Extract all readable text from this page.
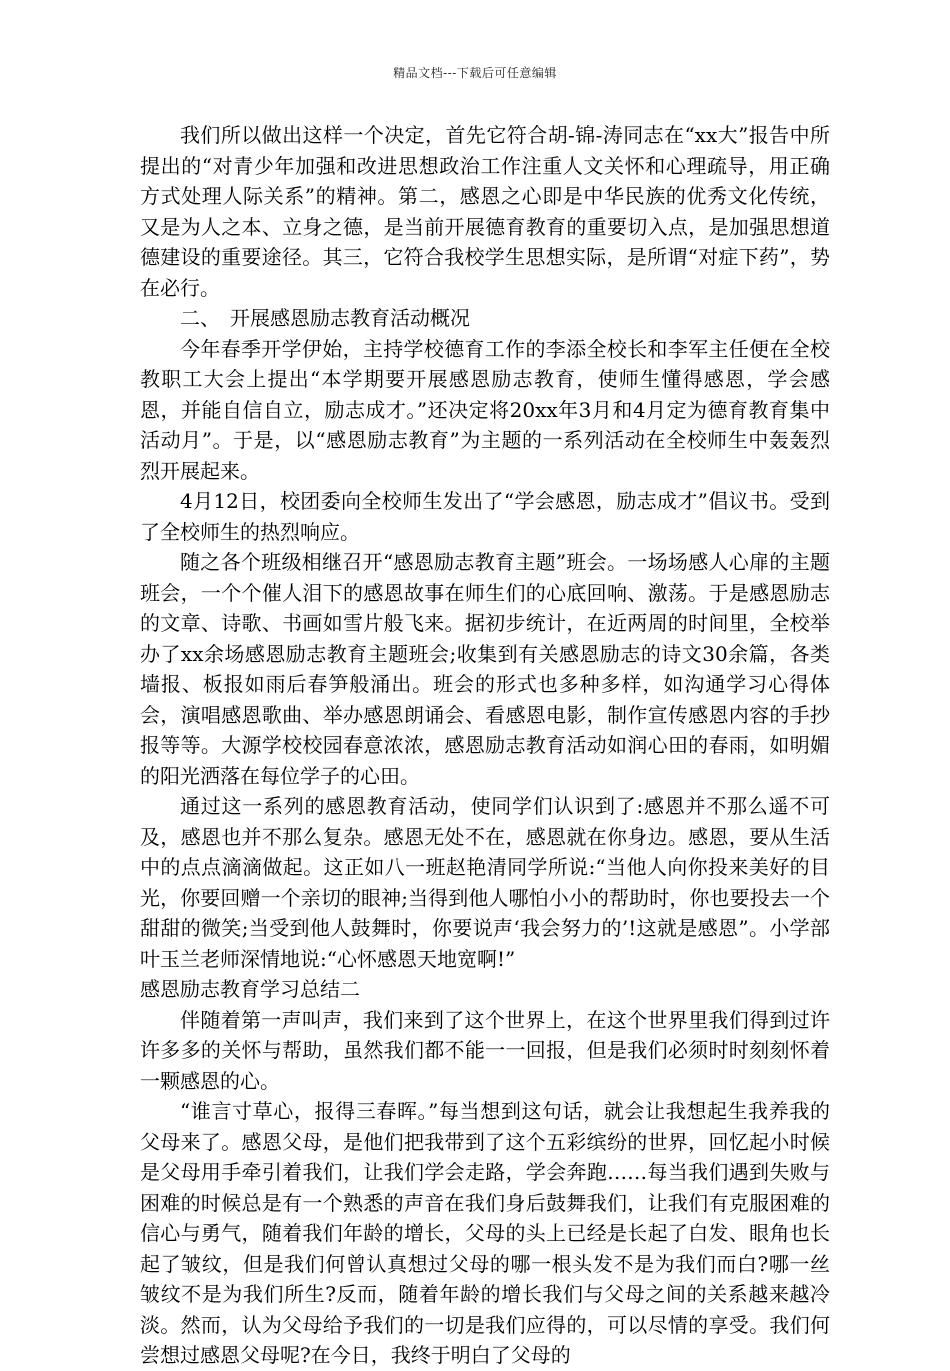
精品文档---下载后可任意编辑

我们所以做出这样一个决定，首先它符合胡-锦-涛同志在“xx大”报告中所提出的“对青少年加强和改进思想政治工作注重人文关怀和心理疏导，用正确方式处理人际关系”的精神。第二，感恩之心即是中华民族的优秀文化传统，又是为人之本、立身之德，是当前开展德育教育的重要切入点，是加强思想道德建设的重要途径。其三，它符合我校学生思想实际，是所谓“对症下药”，势在必行。

二、　开展感恩励志教育活动概况

今年春季开学伊始，主持学校德育工作的李添全校长和李军主任便在全校教职工大会上提出“本学期要开展感恩励志教育，使师生懂得感恩，学会感恩，并能自信自立，励志成才。”还决定将20xx年3月和4月定为德育教育集中活动月”。于是，以“感恩励志教育”为主题的一系列活动在全校师生中轰轰烈烈开展起来。

4月12日，校团委向全校师生发出了“学会感恩，励志成才”倡议书。受到了全校师生的热烈响应。

随之各个班级相继召开“感恩励志教育主题”班会。一场场感人心扉的主题班会，一个个催人泪下的感恩故事在师生们的心底回响、激荡。于是感恩励志的文章、诗歌、书画如雪片般飞来。据初步统计，在近两周的时间里，全校举办了xx余场感恩励志教育主题班会;收集到有关感恩励志的诗文30余篇，各类墙报、板报如雨后春笋般涌出。班会的形式也多种多样，如沟通学习心得体会，演唱感恩歌曲、举办感恩朗诵会、看感恩电影，制作宣传感恩内容的手抄报等等。大源学校校园春意浓浓，感恩励志教育活动如润心田的春雨，如明媚的阳光洒落在每位学子的心田。

通过这一系列的感恩教育活动，使同学们认识到了:感恩并不那么遥不可及，感恩也并不那么复杂。感恩无处不在，感恩就在你身边。感恩，要从生活中的点点滴滴做起。这正如八一班赵艳清同学所说:“当他人向你投来美好的目光，你要回赠一个亲切的眼神;当得到他人哪怕小小的帮助时，你也要投去一个甜甜的微笑;当受到他人鼓舞时，你要说声‘我会努力的’!这就是感恩”。小学部叶玉兰老师深情地说:“心怀感恩天地宽啊!”

感恩励志教育学习总结二

伴随着第一声叫声，我们来到了这个世界上，在这个世界里我们得到过许许多多的关怀与帮助，虽然我们都不能一一回报，但是我们必须时时刻刻怀着一颗感恩的心。

“谁言寸草心，报得三春晖。”每当想到这句话，就会让我想起生我养我的父母来了。感恩父母，是他们把我带到了这个五彩缤纷的世界，回忆起小时候是父母用手牵引着我们，让我们学会走路，学会奔跑……每当我们遇到失败与困难的时候总是有一个熟悉的声音在我们身后鼓舞我们，让我们有克服困难的信心与勇气，随着我们年龄的增长，父母的头上已经是长起了白发、眼角也长起了皱纹，但是我们何曾认真想过父母的哪一根头发不是为我们而白?哪一丝皱纹不是为我们所生?反而，随着年龄的增长我们与父母之间的关系越来越冷淡。然而，认为父母给予我们的一切是我们应得的，可以尽情的享受。我们何尝想过感恩父母呢?在今日，我终于明白了父母的
